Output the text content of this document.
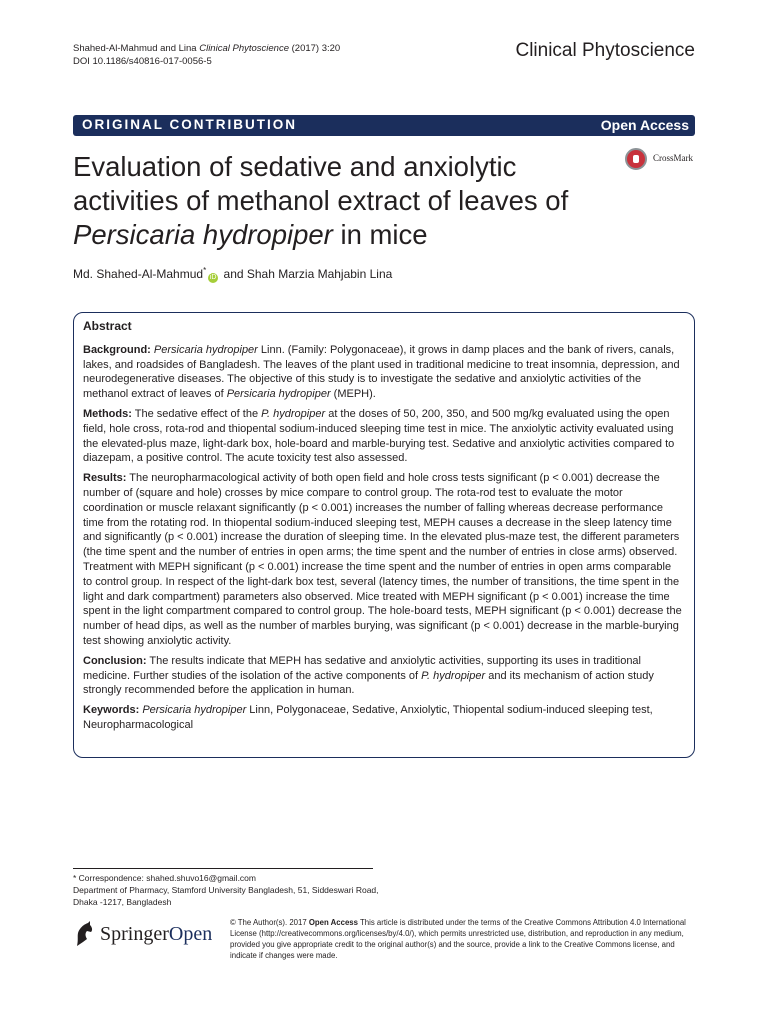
Shahed-Al-Mahmud and Lina Clinical Phytoscience (2017) 3:20
DOI 10.1186/s40816-017-0056-5
Clinical Phytoscience
ORIGINAL CONTRIBUTION	Open Access
Evaluation of sedative and anxiolytic
activities of methanol extract of leaves of
Persicaria hydropiper in mice
CrossMark
Md. Shahed-Al-Mahmud*iD and Shah Marzia Mahjabin Lina
Abstract

Background: Persicaria hydropiper Linn. (Family: Polygonaceae), it grows in damp places and the bank of rivers, canals, lakes, and roadsides of Bangladesh. The leaves of the plant used in traditional medicine to treat insomnia, depression, and neurodegenerative diseases. The objective of this study is to investigate the sedative and anxiolytic activities of the methanol extract of leaves of Persicaria hydropiper (MEPH).

Methods: The sedative effect of the P. hydropiper at the doses of 50, 200, 350, and 500 mg/kg evaluated using the open field, hole cross, rota-rod and thiopental sodium-induced sleeping time test in mice. The anxiolytic activity evaluated using the elevated-plus maze, light-dark box, hole-board and marble-burying test. Sedative and anxiolytic activities compared to diazepam, a positive control. The acute toxicity test also assessed.

Results: The neuropharmacological activity of both open field and hole cross tests significant (p < 0.001) decrease the number of (square and hole) crosses by mice compare to control group. The rota-rod test to evaluate the motor coordination or muscle relaxant significantly (p < 0.001) increases the number of falling whereas decrease performance time from the rotating rod. In thiopental sodium-induced sleeping test, MEPH causes a decrease in the sleep latency time and significantly (p < 0.001) increase the duration of sleeping time. In the elevated plus-maze test, the different parameters (the time spent and the number of entries in open arms; the time spent and the number of entries in close arms) observed. Treatment with MEPH significant (p < 0.001) increase the time spent and the number of entries in open arms comparable to control group. In respect of the light-dark box test, several (latency times, the number of transitions, the time spent in the light and dark compartment) parameters also observed. Mice treated with MEPH significant (p < 0.001) increase the time spent in the light compartment compared to control group. The hole-board tests, MEPH significant (p < 0.001) decrease the number of head dips, as well as the number of marbles burying, was significant (p < 0.001) decrease in the marble-burying test showing anxiolytic activity.

Conclusion: The results indicate that MEPH has sedative and anxiolytic activities, supporting its uses in traditional medicine. Further studies of the isolation of the active components of P. hydropiper and its mechanism of action study strongly recommended before the application in human.

Keywords: Persicaria hydropiper Linn, Polygonaceae, Sedative, Anxiolytic, Thiopental sodium-induced sleeping test, Neuropharmacological

* Correspondence: shahed.shuvo16@gmail.com
Department of Pharmacy, Stamford University Bangladesh, 51, Siddeswari Road, Dhaka -1217, Bangladesh
SpringerOpen
© The Author(s). 2017 Open Access This article is distributed under the terms of the Creative Commons Attribution 4.0 International License (http://creativecommons.org/licenses/by/4.0/), which permits unrestricted use, distribution, and reproduction in any medium, provided you give appropriate credit to the original author(s) and the source, provide a link to the Creative Commons license, and indicate if changes were made.
